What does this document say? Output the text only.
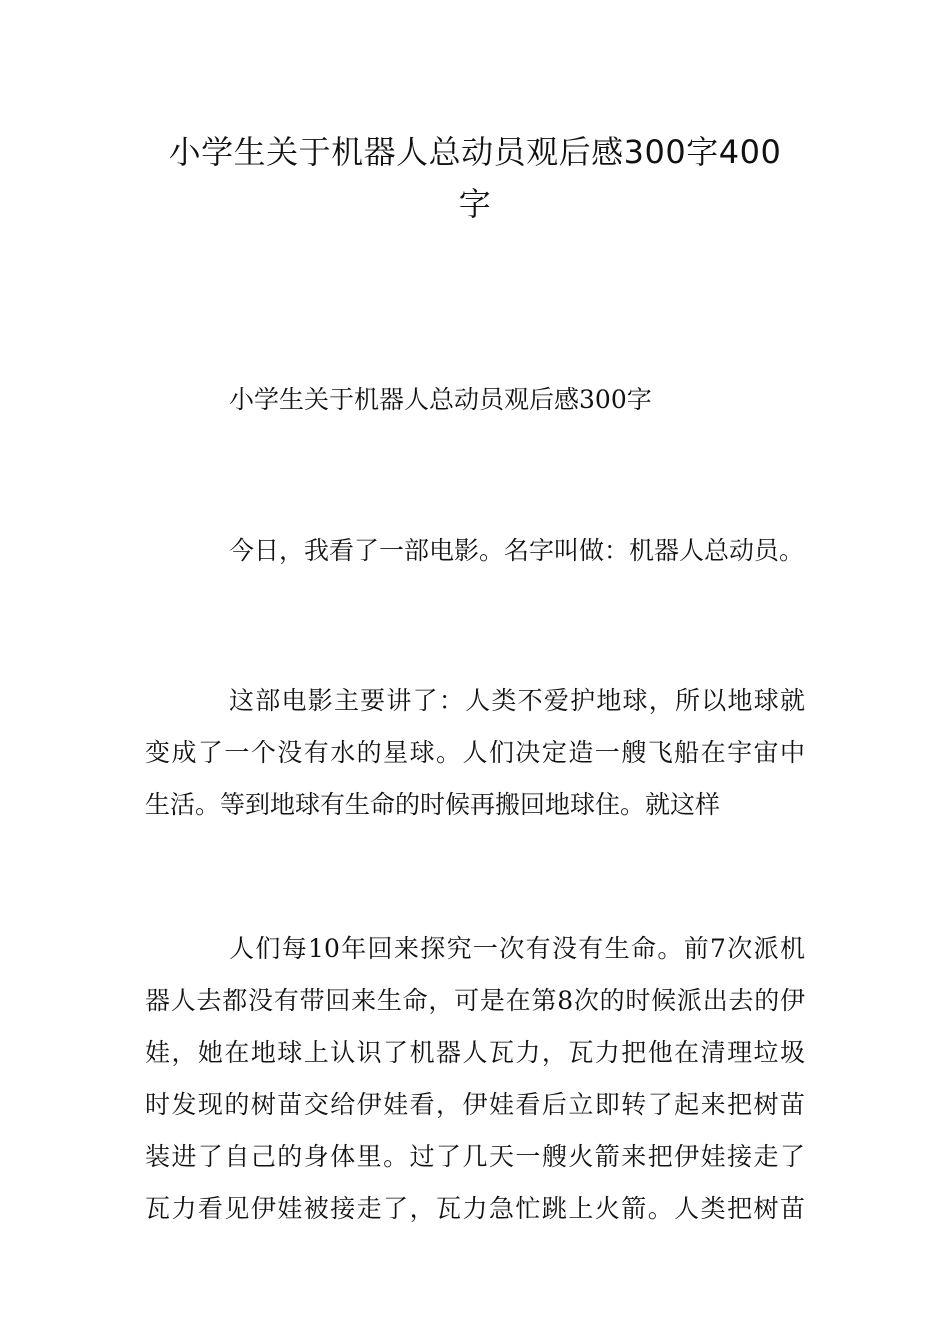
小学生关于机器人总动员观后感300字400
字
小学生关于机器人总动员观后感300字
今日，我看了一部电影。名字叫做：机器人总动员。
这部电影主要讲了：人类不爱护地球，所以地球就
变成了一个没有水的星球。人们决定造一艘飞船在宇宙中
生活。等到地球有生命的时候再搬回地球住。就这样
人们每10年回来探究一次有没有生命。前7次派机
器人去都没有带回来生命，可是在第8次的时候派出去的伊
娃，她在地球上认识了机器人瓦力，瓦力把他在清理垃圾
时发现的树苗交给伊娃看，伊娃看后立即转了起来把树苗
装进了自己的身体里。过了几天一艘火箭来把伊娃接走了
瓦力看见伊娃被接走了，瓦力急忙跳上火箭。人类把树苗
